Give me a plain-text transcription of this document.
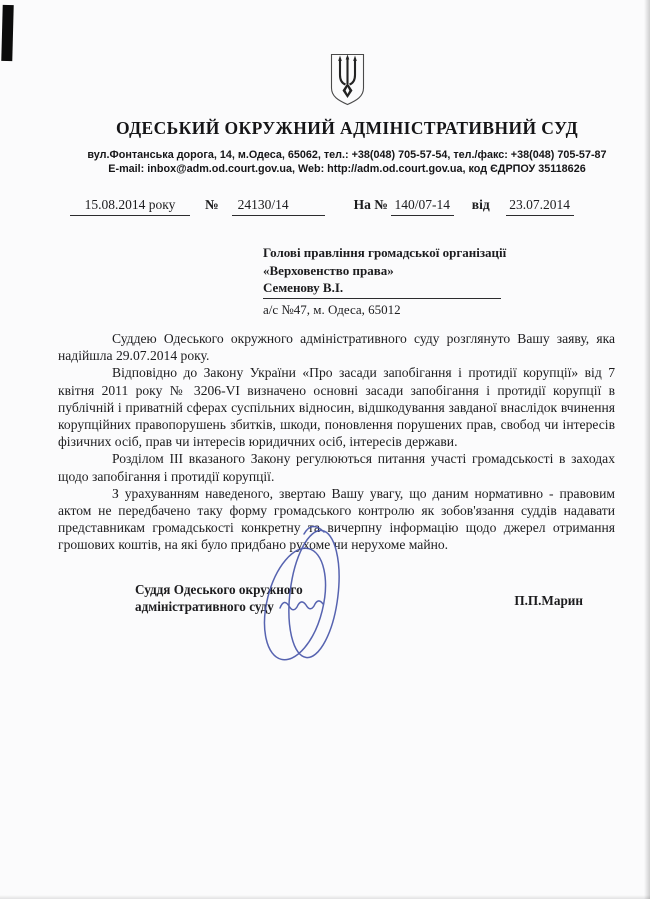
ОДЕСЬКИЙ ОКРУЖНИЙ АДМІНІСТРАТИВНИЙ СУД
вул.Фонтанська дорога, 14, м.Одеса, 65062, тел.: +38(048) 705-57-54, тел./факс: +38(048) 705-57-87
E-mail: inbox@adm.od.court.gov.ua, Web: http://adm.od.court.gov.ua, код ЄДРПОУ 35118626
15.08.2014 року	№	24130/14	На № 140/07-14 від 23.07.2014
Голові правління громадської організації
«Верховенство права»
Семенову В.І.
а/с №47, м. Одеса, 65012

Суддею Одеського окружного адміністративного суду розглянуто Вашу заяву, яка надійшла 29.07.2014 року.

Відповідно до Закону України «Про засади запобігання і протидії корупції» від 7 квітня 2011 року № 3206-VI визначено основні засади запобігання і протидії корупції в публічній і приватній сферах суспільних відносин, відшкодування завданої внаслідок вчинення корупційних правопорушень збитків, шкоди, поновлення порушених прав, свобод чи інтересів фізичних осіб, прав чи інтересів юридичних осіб, інтересів держави.

Розділом ІІІ вказаного Закону регулюються питання участі громадськості в заходах щодо запобігання і протидії корупції.

З урахуванням наведеного, звертаю Вашу увагу, що даним нормативно - правовим актом не передбачено таку форму громадського контролю як зобов'язання суддів надавати представникам громадськості конкретну та вичерпну інформацію щодо джерел отримання грошових коштів, на які було придбано рухоме чи нерухоме майно.

Суддя Одеського окружного
адміністративного суду	П.П.Марин
